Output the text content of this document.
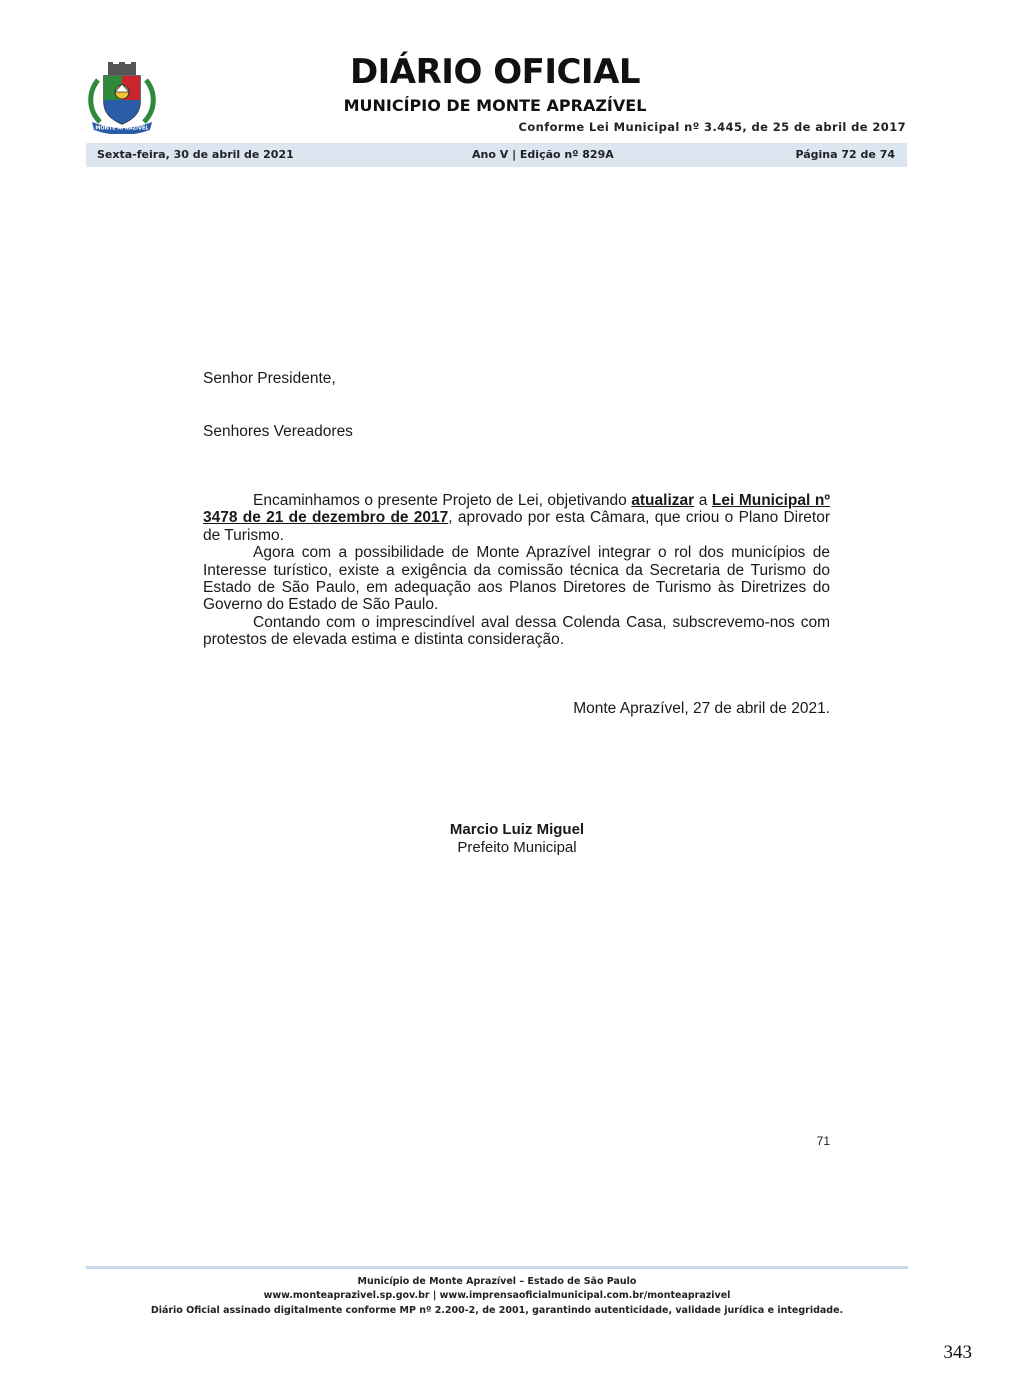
MONTE APRAZÍVEL
DIÁRIO OFICIAL
MUNICÍPIO DE MONTE APRAZÍVEL
Conforme Lei Municipal nº 3.445, de 25 de abril de 2017
Sexta-feira, 30 de abril de 2021	Ano V | Edição nº 829A	Página 72 de 74
Senhor Presidente,
Senhores Vereadores

Encaminhamos o presente Projeto de Lei, objetivando atualizar a Lei Municipal nº 3478 de 21 de dezembro de 2017, aprovado por esta Câmara, que criou o Plano Diretor de Turismo.

Agora com a possibilidade de Monte Aprazível integrar o rol dos municípios de Interesse turístico, existe a exigência da comissão técnica da Secretaria de Turismo do Estado de São Paulo, em adequação aos Planos Diretores de Turismo às Diretrizes do Governo do Estado de São Paulo.

Contando com o imprescindível aval dessa Colenda Casa, subscrevemo-nos com protestos de elevada estima e distinta consideração.

Monte Aprazível, 27 de abril de 2021.
Marcio Luiz Miguel
Prefeito Municipal
71
Município de Monte Aprazível – Estado de São Paulo
www.monteaprazivel.sp.gov.br | www.imprensaoficialmunicipal.com.br/monteaprazivel
Diário Oficial assinado digitalmente conforme MP nº 2.200-2, de 2001, garantindo autenticidade, validade jurídica e integridade.
343
